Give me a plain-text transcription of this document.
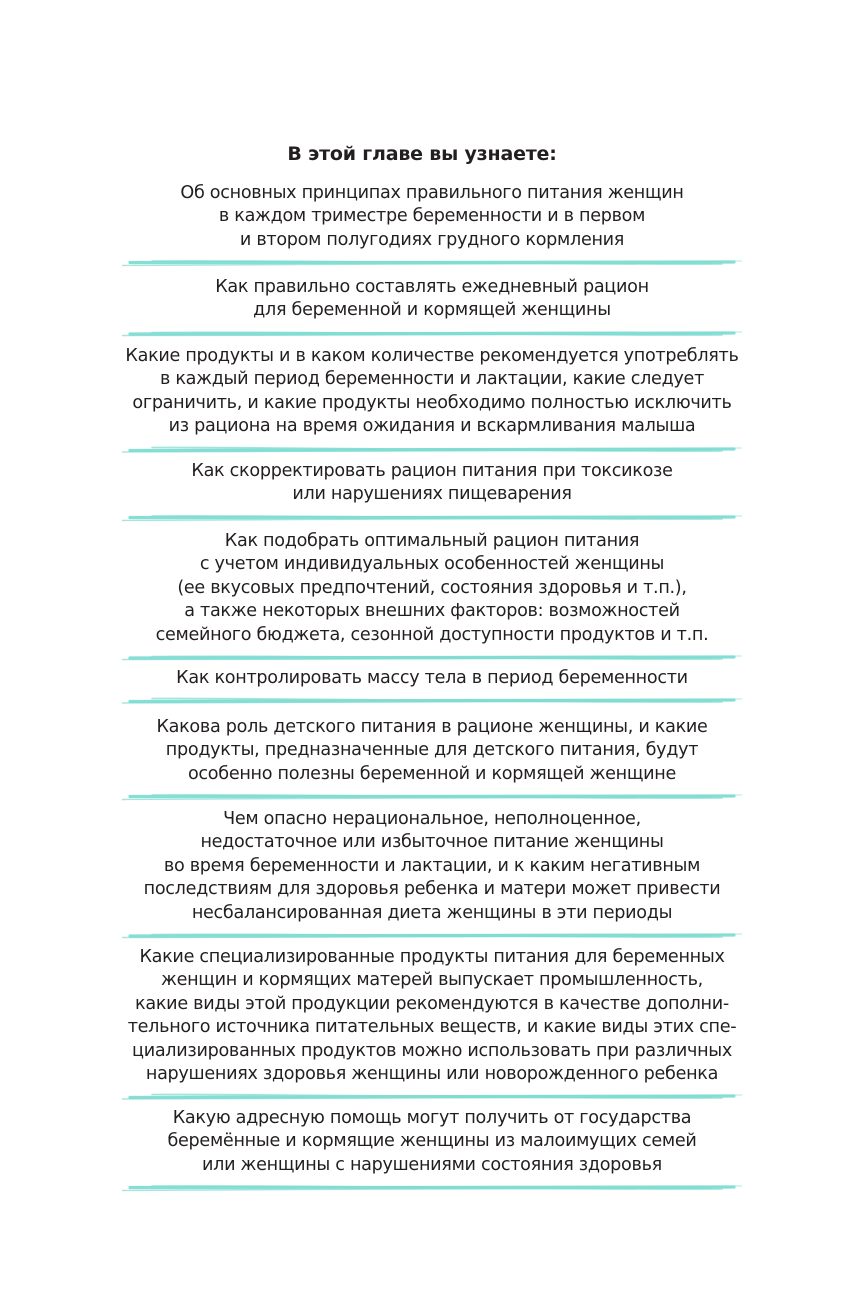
В этой главе вы узнаете:

Об основных принципах правильного питания женщин
в каждом триместре беременности и в первом
и втором полугодиях грудного кормления

Как правильно составлять ежедневный рацион
для беременной и кормящей женщины

Какие продукты и в каком количестве рекомендуется употреблять
в каждый период беременности и лактации, какие следует
ограничить, и какие продукты необходимо полностью исключить
из рациона на время ожидания и вскармливания малыша

Как скорректировать рацион питания при токсикозе
или нарушениях пищеварения

Как подобрать оптимальный рацион питания
с учетом индивидуальных особенностей женщины
(ее вкусовых предпочтений, состояния здоровья и т.п.),
а также некоторых внешних факторов: возможностей
семейного бюджета, сезонной доступности продуктов и т.п.

Как контролировать массу тела в период беременности

Какова роль детского питания в рационе женщины, и какие
продукты, предназначенные для детского питания, будут
особенно полезны беременной и кормящей женщине

Чем опасно нерациональное, неполноценное,
недостаточное или избыточное питание женщины
во время беременности и лактации, и к каким негативным
последствиям для здоровья ребенка и матери может привести
несбалансированная диета женщины в эти периоды

Какие специализированные продукты питания для беременных
женщин и кормящих матерей выпускает промышленность,
какие виды этой продукции рекомендуются в качестве дополни-
тельного источника питательных веществ, и какие виды этих спе-
циализированных продуктов можно использовать при различных
нарушениях здоровья женщины или новорожденного ребенка

Какую адресную помощь могут получить от государства
беремённые и кормящие женщины из малоимущих семей
или женщины с нарушениями состояния здоровья
